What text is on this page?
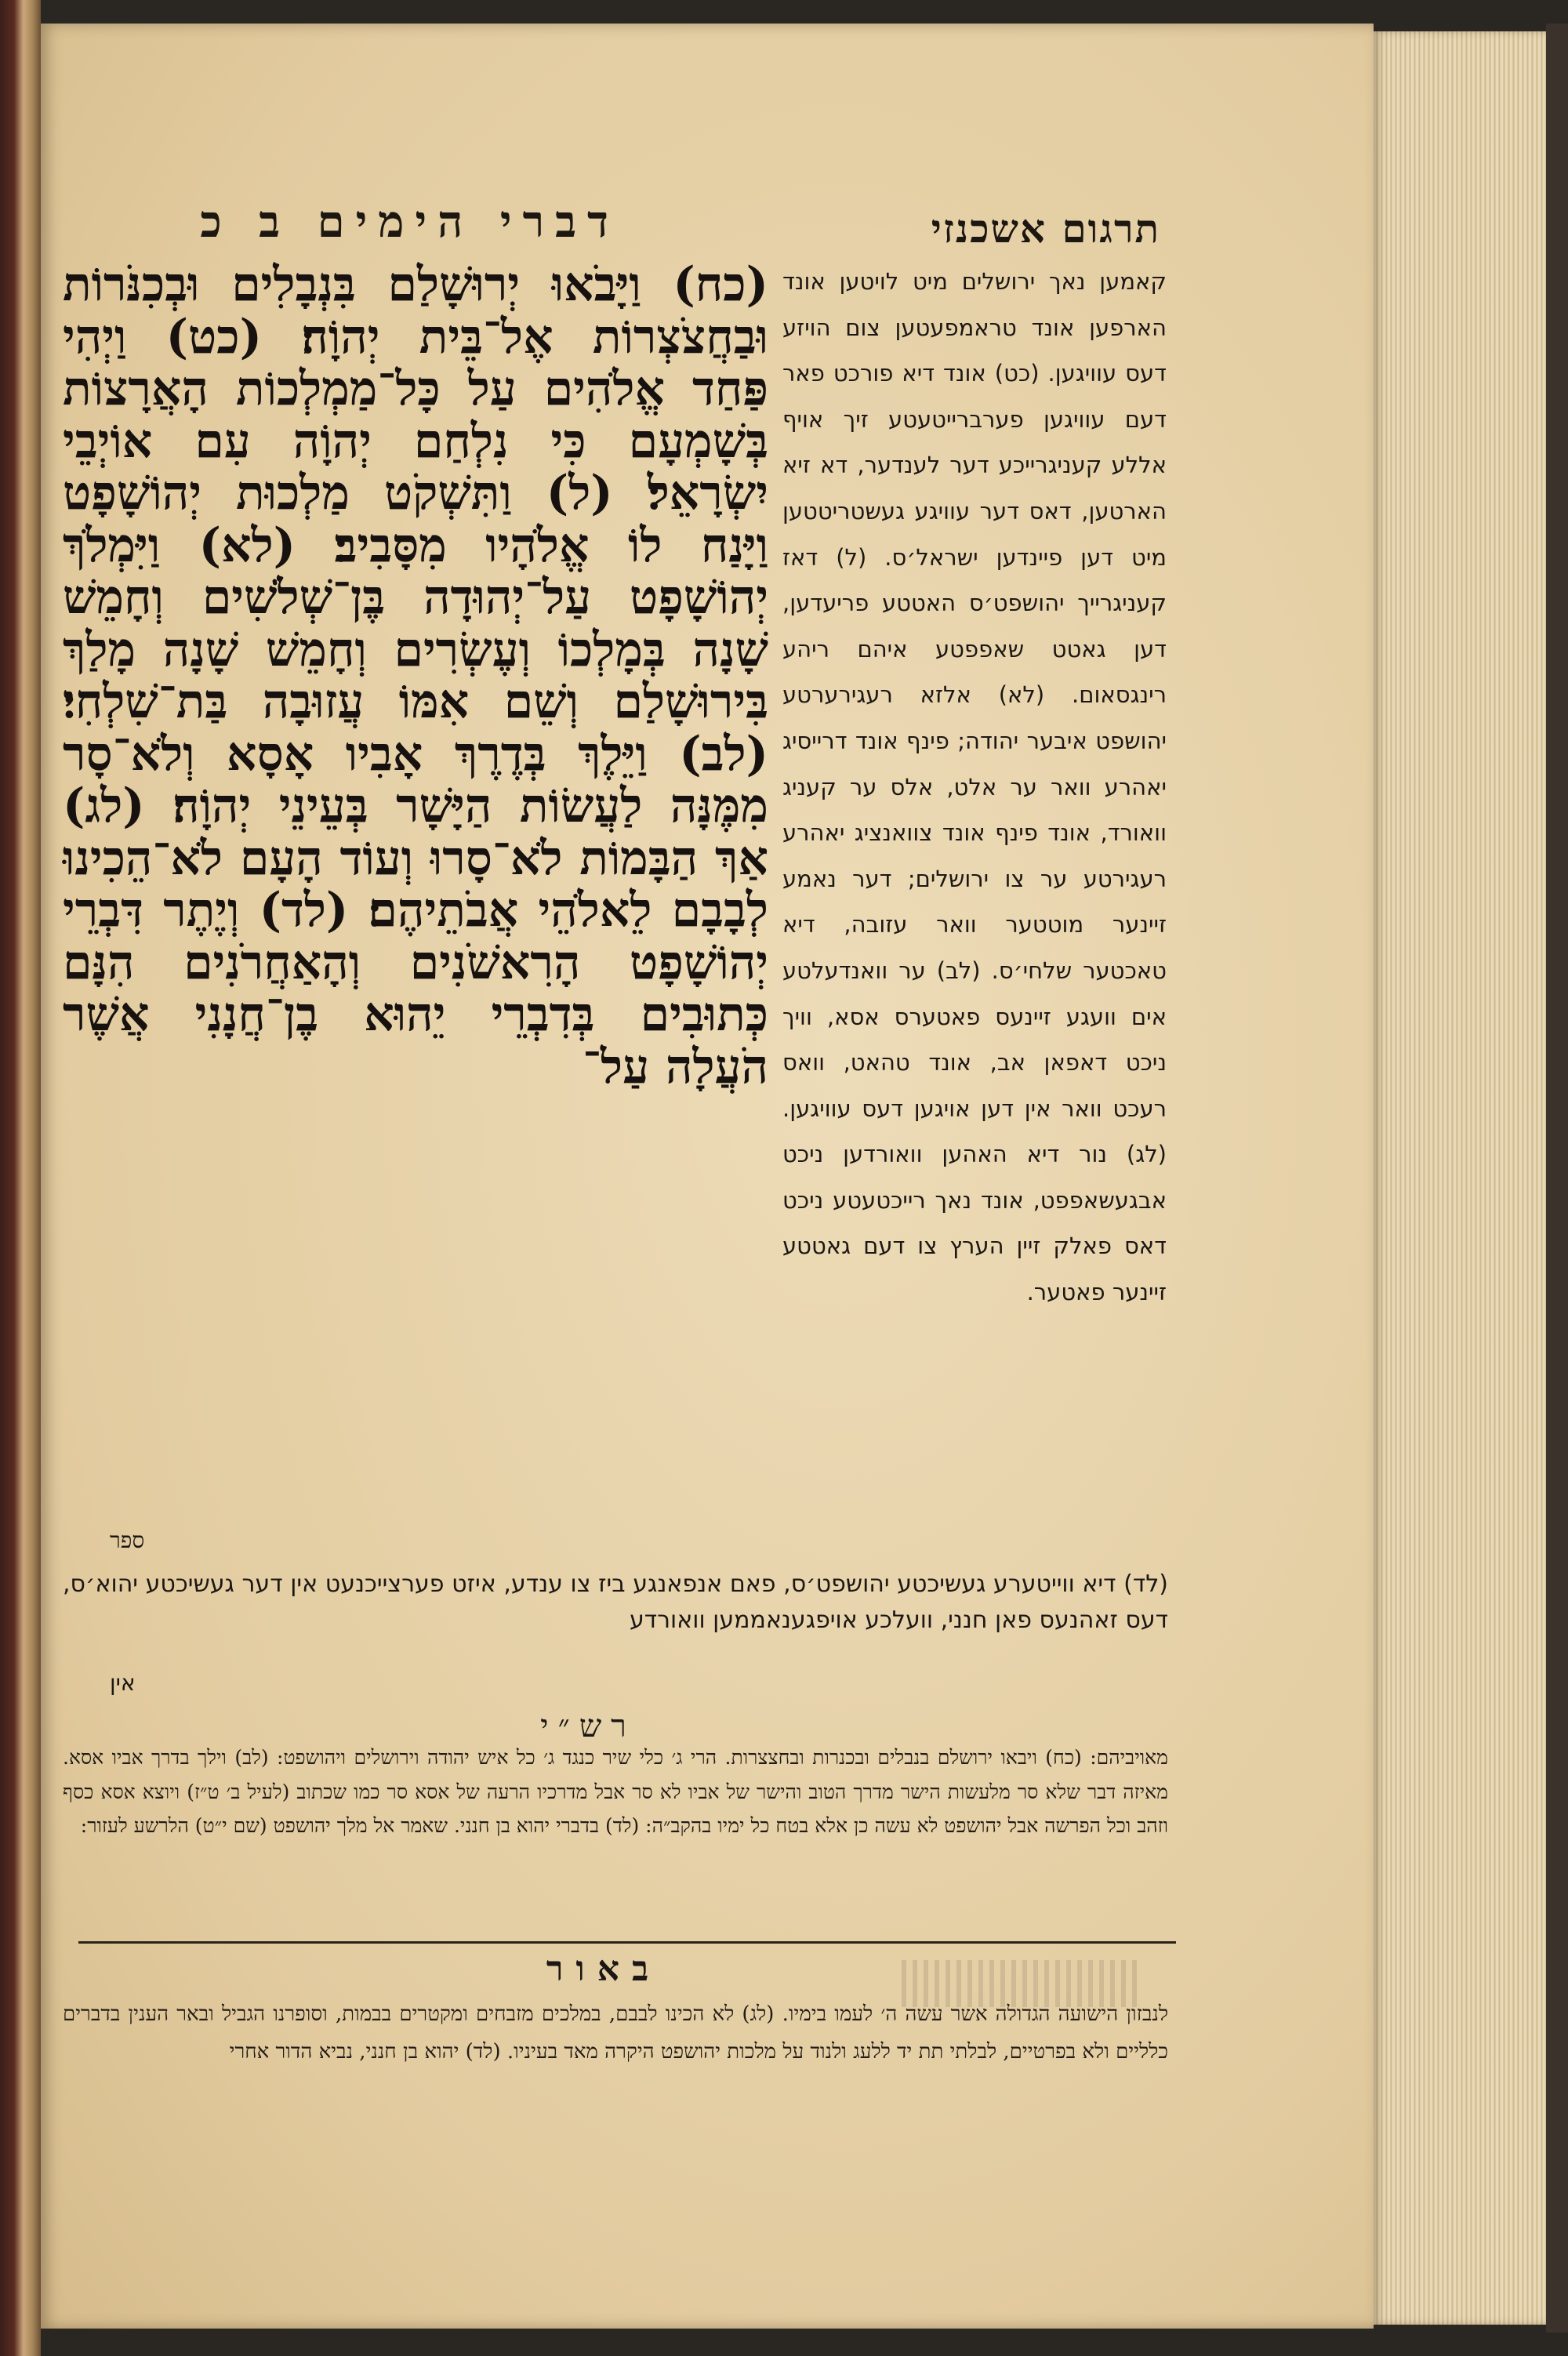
תרגום אשכנזי
דברי הימים ב כ
(כח) וַיָּבֹאוּ יְרוּשָׁלַם בִּנְבָלִים וּבְכִנֹּרוֹת וּבַחֲצֹצְרוֹת אֶל־בֵּית יְהוָֹה׃ (כט) וַיְהִי פַּחַד אֱלֹהִים עַל כָּל־מַמְלְכוֹת הָאֲרָצוֹת בְּשָׁמְעָם כִּי נִלְחַם יְהוָֹה עִם אוֹיְבֵי יִשְׂרָאֵל׃ (ל) וַתִּשְׁקֹט מַלְכוּת יְהוֹשָׁפָט וַיָּנַח לוֹ אֱלֹהָיו מִסָּבִיב׃ (לא) וַיִּמְלֹךְ יְהוֹשָׁפָט עַל־יְהוּדָה בֶּן־שְׁלֹשִׁים וְחָמֵשׁ שָׁנָה בְּמָלְכוֹ וְעֶשְׂרִים וְחָמֵשׁ שָׁנָה מָלַךְ בִּירוּשָׁלַם וְשֵׁם אִמּוֹ עֲזוּבָה בַּת־שִׁלְחִי׃ (לב) וַיֵּלֶךְ בְּדֶרֶךְ אָבִיו אָסָא וְלֹא־סָר מִמֶּנָּה לַעֲשׂוֹת הַיָּשָׁר בְּעֵינֵי יְהוָֹה׃ (לג) אַךְ הַבָּמוֹת לֹא־סָרוּ וְעוֹד הָעָם לֹא־הֵכִינוּ לְבָבָם לֵאלֹהֵי אֲבֹתֵיהֶם׃ (לד) וְיֶתֶר דִּבְרֵי יְהוֹשָׁפָט הָרִאשֹׁנִים וְהָאַחֲרֹנִים הִנָּם כְּתוּבִים בְּדִבְרֵי יֵהוּא בֶן־חֲנָנִי אֲשֶׁר הֹעֲלָה עַל־
קאמען נאך ירושלים מיט לויטען אונד הארפען אונד טראמפעטען צום הויזע דעס עוויגען. (כט) אונד דיא פורכט פאר דעם עוויגען פערברייטעטע זיך אויף אללע קעניגרייכע דער לענדער, דא זיא הארטען, דאס דער עוויגע געשטריטטען מיט דען פיינדען ישראל׳ס. (ל) דאז קעניגרייך יהושפט׳ס האטטע פריעדען, דען גאטט שאפפטע איהם ריהע רינגסאום. (לא) אלזא רעגירערטע יהושפט איבער יהודה; פינף אונד דרייסיג יאהרע וואר ער אלט, אלס ער קעניג וואורד, אונד פינף אונד צוואנציג יאהרע רעגירטע ער צו ירושלים; דער נאמע זיינער מוטטער וואר עזובה, דיא טאכטער שלחי׳ס. (לב) ער וואנדעלטע אים וועגע זיינעס פאטערס אסא, וויך ניכט דאפאן אב, אונד טהאט, וואס רעכט וואר אין דען אויגען דעס עוויגען. (לג) נור דיא האהען וואורדען ניכט אבגעשאפפט, אונד נאך רייכטעטע ניכט דאס פאלק זיין הערץ צו דעם גאטטע זיינער פאטער.
ספר
(לד) דיא ווייטערע געשיכטע יהושפט׳ס, פאם אנפאנגע ביז צו ענדע, איזט פערצייכנעט אין דער געשיכטע יהוא׳ס, דעס זאהנעס פאן חנני, וועלכע אויפגענאממען וואורדע
אין
רש״י
מאויביהם: (כח) ויבאו ירושלם בנבלים ובכנרות ובחצצרות. הרי ג׳ כלי שיר כנגד ג׳ כל איש יהודה וירושלים ויהושפט: (לב) וילך בדרך אביו אסא. מאיזה דבר שלא סר מלעשות הישר מדרך הטוב והישר של אביו לא סר אבל מדרכיו הרעה של אסא סר כמו שכתוב (לעיל ב׳ ט״ז) ויוצא אסא כסף וזהב וכל הפרשה אבל יהושפט לא עשה כן אלא בטח כל ימיו בהקב״ה: (לד) בדברי יהוא בן חנני. שאמר אל מלך יהושפט (שם י״ט) הלרשע לעזור:
באור
לנבזון הישועה הגדולה אשר עשה ה׳ לעמו בימיו. (לג) לא הכינו לבבם, במלכים מזבחים ומקטרים בבמות, וסופרנו הגביל ובאר הענין בדברים כלליים ולא בפרטיים, לבלתי תת יד ללעג ולנוד על מלכות יהושפט היקרה מאד בעיניו. (לד) יהוא בן חנני, נביא הדור אחרי
